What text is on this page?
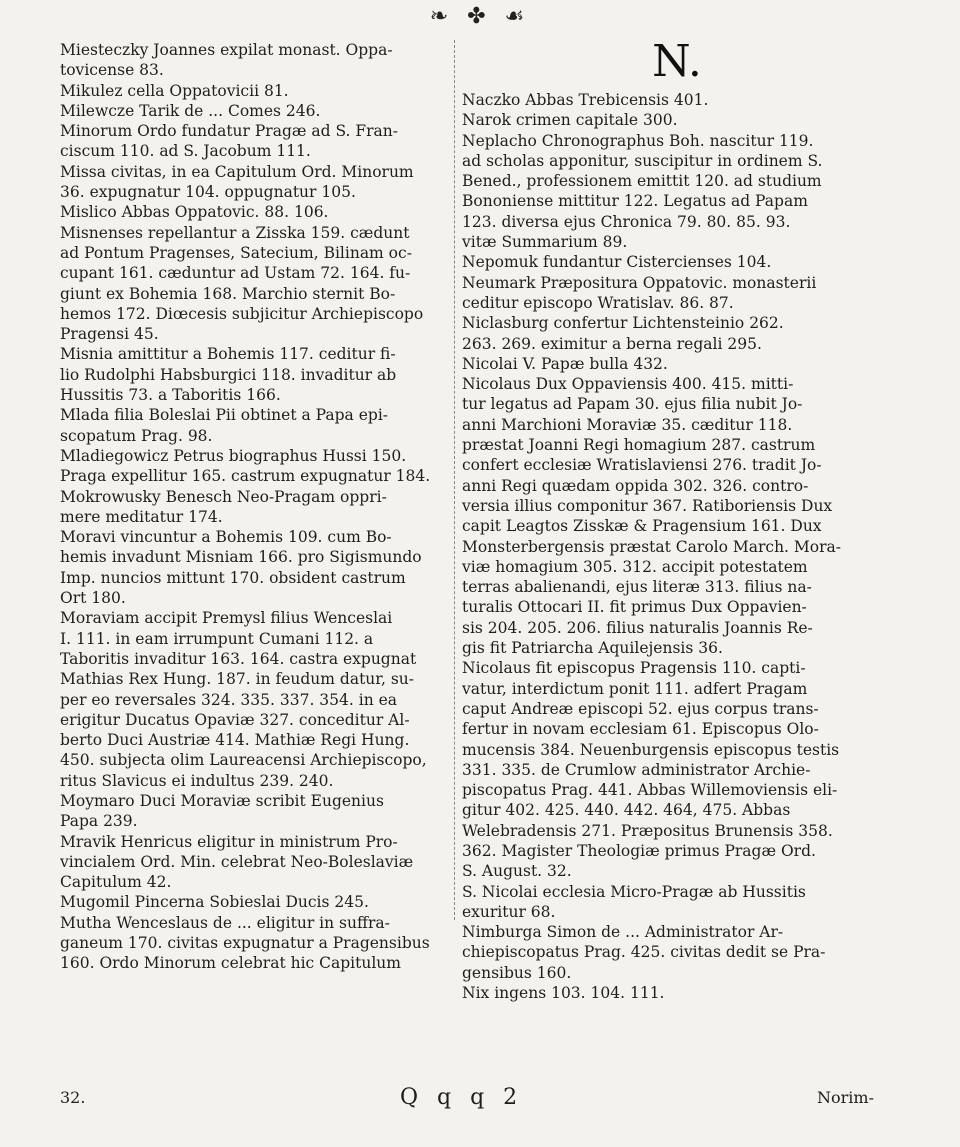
❧ ✤ ☙
Miesteczky Joannes expilat monast. Oppa-
tovicense 83.
Mikulez cella Oppatovicii 81.
Milewcze Tarik de ... Comes 246.
Minorum Ordo fundatur Pragæ ad S. Fran-
ciscum 110. ad S. Jacobum 111.
Missa civitas, in ea Capitulum Ord. Minorum
36. expugnatur 104. oppugnatur 105.
Mislico Abbas Oppatovic. 88. 106.
Misnenses repellantur a Zisska 159. cædunt
ad Pontum Pragenses, Satecium, Bilinam oc-
cupant 161. cæduntur ad Ustam 72. 164. fu-
giunt ex Bohemia 168. Marchio sternit Bo-
hemos 172. Diœcesis subjicitur Archiepiscopo
Pragensi 45.
Misnia amittitur a Bohemis 117. ceditur fi-
lio Rudolphi Habsburgici 118. invaditur ab
Hussitis 73. a Taboritis 166.
Mlada filia Boleslai Pii obtinet a Papa epi-
scopatum Prag. 98.
Mladiegowicz Petrus biographus Hussi 150.
Praga expellitur 165. castrum expugnatur 184.
Mokrowusky Benesch Neo-Pragam oppri-
mere meditatur 174.
Moravi vincuntur a Bohemis 109. cum Bo-
hemis invadunt Misniam 166. pro Sigismundo
Imp. nuncios mittunt 170. obsident castrum
Ort 180.
Moraviam accipit Premysl filius Wenceslai
I. 111. in eam irrumpunt Cumani 112. a
Taboritis invaditur 163. 164. castra expugnat
Mathias Rex Hung. 187. in feudum datur, su-
per eo reversales 324. 335. 337. 354. in ea
erigitur Ducatus Opaviæ 327. conceditur Al-
berto Duci Austriæ 414. Mathiæ Regi Hung.
450. subjecta olim Laureacensi Archiepiscopo,
ritus Slavicus ei indultus 239. 240.
Moymaro Duci Moraviæ scribit Eugenius
Papa 239.
Mravik Henricus eligitur in ministrum Pro-
vincialem Ord. Min. celebrat Neo-Boleslaviæ
Capitulum 42.
Mugomil Pincerna Sobieslai Ducis 245.
Mutha Wenceslaus de ... eligitur in suffra-
ganeum 170. civitas expugnatur a Pragensibus
160. Ordo Minorum celebrat hic Capitulum
N.
Naczko Abbas Trebicensis 401.
Narok crimen capitale 300.
Neplacho Chronographus Boh. nascitur 119.
ad scholas apponitur, suscipitur in ordinem S.
Bened., professionem emittit 120. ad studium
Bononiense mittitur 122. Legatus ad Papam
123. diversa ejus Chronica 79. 80. 85. 93.
vitæ Summarium 89.
Nepomuk fundantur Cistercienses 104.
Neumark Præpositura Oppatovic. monasterii
ceditur episcopo Wratislav. 86. 87.
Niclasburg confertur Lichtensteinio 262.
263. 269. eximitur a berna regali 295.
Nicolai V. Papæ bulla 432.
Nicolaus Dux Oppaviensis 400. 415. mitti-
tur legatus ad Papam 30. ejus filia nubit Jo-
anni Marchioni Moraviæ 35. cæditur 118.
præstat Joanni Regi homagium 287. castrum
confert ecclesiæ Wratislaviensi 276. tradit Jo-
anni Regi quædam oppida 302. 326. contro-
versia illius componitur 367. Ratiboriensis Dux
capit Leagtos Zisskæ & Pragensium 161. Dux
Monsterbergensis præstat Carolo March. Mora-
viæ homagium 305. 312. accipit potestatem
terras abalienandi, ejus literæ 313. filius na-
turalis Ottocari II. fit primus Dux Oppavien-
sis 204. 205. 206. filius naturalis Joannis Re-
gis fit Patriarcha Aquilejensis 36.
Nicolaus fit episcopus Pragensis 110. capti-
vatur, interdictum ponit 111. adfert Pragam
caput Andreæ episcopi 52. ejus corpus trans-
fertur in novam ecclesiam 61. Episcopus Olo-
mucensis 384. Neuenburgensis episcopus testis
331. 335. de Crumlow administrator Archie-
piscopatus Prag. 441. Abbas Willemoviensis eli-
gitur 402. 425. 440. 442. 464, 475. Abbas
Welebradensis 271. Præpositus Brunensis 358.
362. Magister Theologiæ primus Pragæ Ord.
S. August. 32.
S. Nicolai ecclesia Micro-Pragæ ab Hussitis
exuritur 68.
Nimburga Simon de ... Administrator Ar-
chiepiscopatus Prag. 425. civitas dedit se Pra-
gensibus 160.
Nix ingens 103. 104. 111.
32.	Q q q 2	Norim-
